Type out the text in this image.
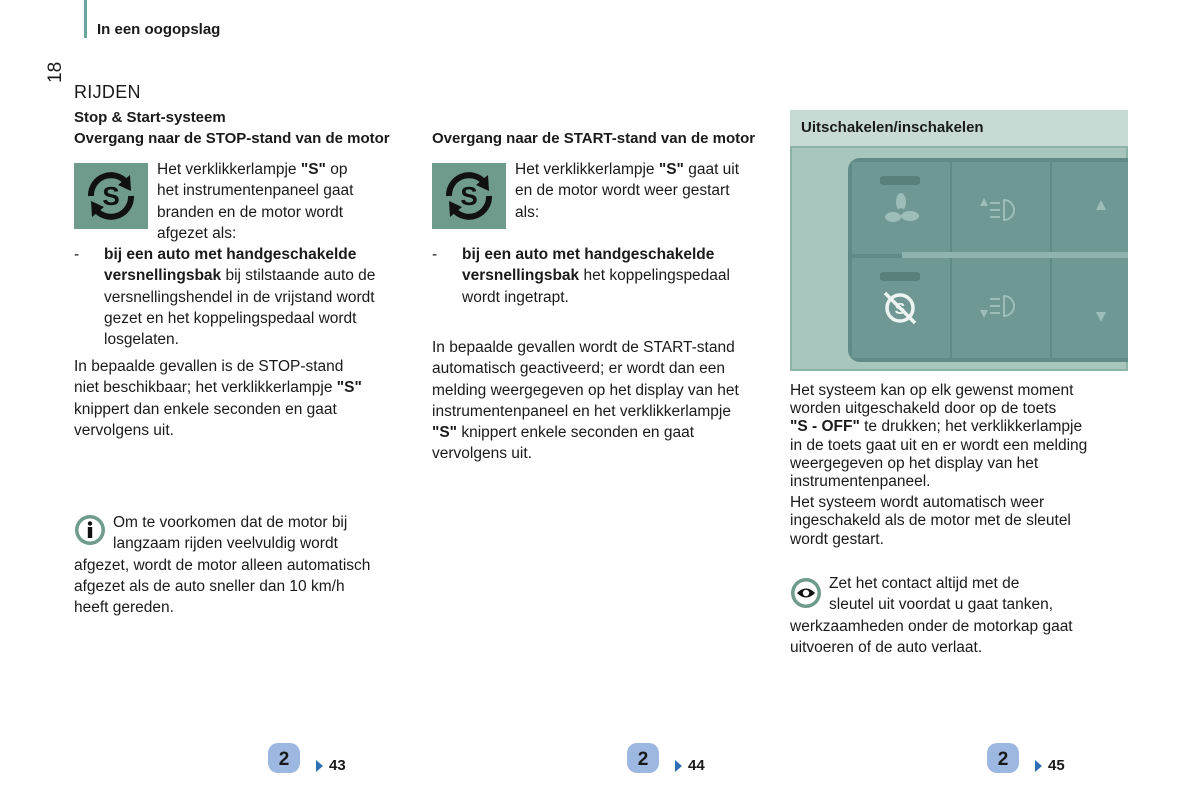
In een oogopslag
18
RIJDEN
Stop & Start-systeem
Overgang naar de STOP-stand van de motor
S
Het verklikkerlampje "S" op
het instrumentenpaneel gaat
branden en de motor wordt
afgezet als:
-	bij een auto met handgeschakelde
versnellingsbak bij stilstaande auto de
versnellingshendel in de vrijstand wordt
gezet en het koppelingspedaal wordt
losgelaten.
In bepaalde gevallen is de STOP-stand
niet beschikbaar; het verklikkerlampje "S"
knippert dan enkele seconden en gaat
vervolgens uit.
Om te voorkomen dat de motor bij
langzaam rijden veelvuldig wordt
afgezet, wordt de motor alleen automatisch
afgezet als de auto sneller dan 10 km/h
heeft gereden.
Overgang naar de START-stand van de motor
S
Het verklikkerlampje "S" gaat uit
en de motor wordt weer gestart
als:
-	bij een auto met handgeschakelde
versnellingsbak het koppelingspedaal
wordt ingetrapt.
In bepaalde gevallen wordt de START-stand
automatisch geactiveerd; er wordt dan een
melding weergegeven op het display van het
instrumentenpaneel en het verklikkerlampje
"S" knippert enkele seconden en gaat
vervolgens uit.
Uitschakelen/inschakelen
S
Het systeem kan op elk gewenst moment
worden uitgeschakeld door op de toets
"S - OFF" te drukken; het verklikkerlampje
in de toets gaat uit en er wordt een melding
weergegeven op het display van het
instrumentenpaneel.
Het systeem wordt automatisch weer
ingeschakeld als de motor met de sleutel
wordt gestart.
Zet het contact altijd met de
sleutel uit voordat u gaat tanken,
werkzaamheden onder de motorkap gaat
uitvoeren of de auto verlaat.
2	43	2	44	2	45
